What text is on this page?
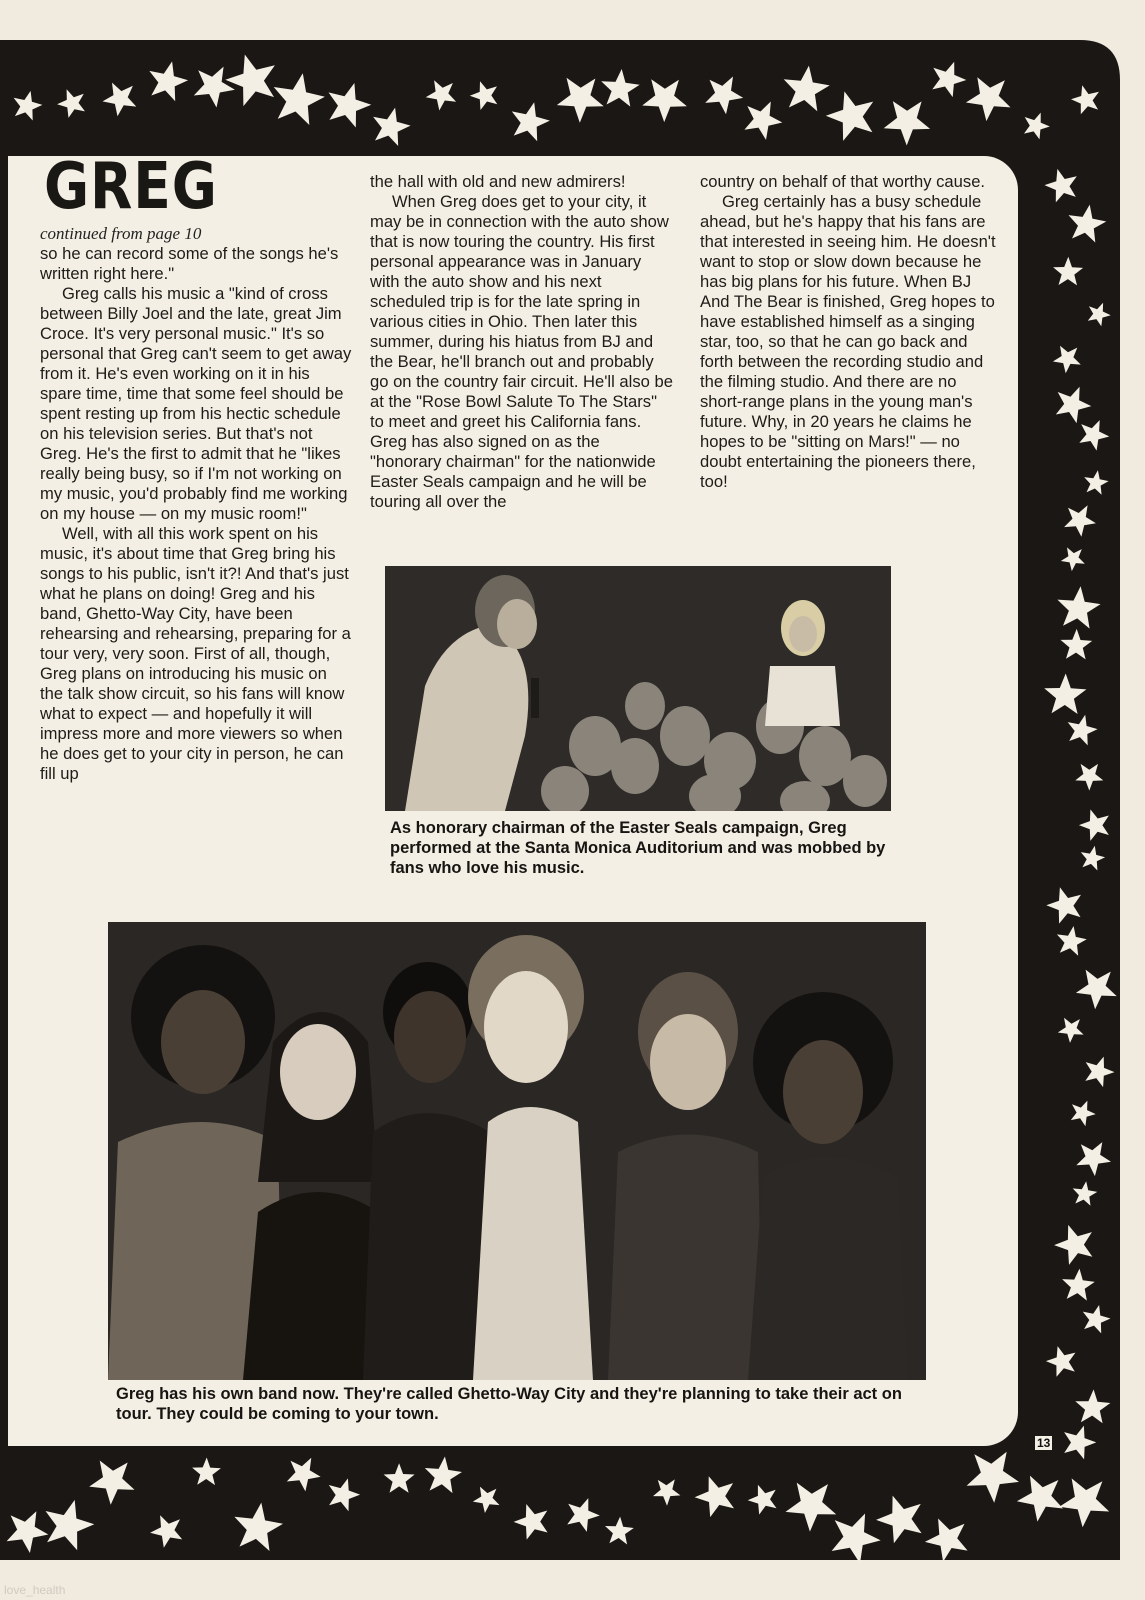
GREG
continued from page 10

so he can record some of the songs he's written right here."

Greg calls his music a "kind of cross between Billy Joel and the late, great Jim Croce. It's very personal music." It's so personal that Greg can't seem to get away from it. He's even working on it in his spare time, time that some feel should be spent resting up from his hectic schedule on his television series. But that's not Greg. He's the first to admit that he "likes really being busy, so if I'm not working on my music, you'd probably find me working on my house — on my music room!"

Well, with all this work spent on his music, it's about time that Greg bring his songs to his public, isn't it?! And that's just what he plans on doing! Greg and his band, Ghetto-Way City, have been rehearsing and rehearsing, preparing for a tour very, very soon. First of all, though, Greg plans on introducing his music on the talk show circuit, so his fans will know what to expect — and hopefully it will impress more and more viewers so when he does get to your city in person, he can fill up

the hall with old and new admirers!

When Greg does get to your city, it may be in connection with the auto show that is now touring the country. His first personal appearance was in January with the auto show and his next scheduled trip is for the late spring in various cities in Ohio. Then later this summer, during his hiatus from BJ and the Bear, he'll branch out and probably go on the country fair circuit. He'll also be at the "Rose Bowl Salute To The Stars" to meet and greet his California fans. Greg has also signed on as the "honorary chairman" for the nationwide Easter Seals campaign and he will be touring all over the

country on behalf of that worthy cause.

Greg certainly has a busy schedule ahead, but he's happy that his fans are that interested in seeing him. He doesn't want to stop or slow down because he has big plans for his future. When BJ And The Bear is finished, Greg hopes to have established himself as a singing star, too, so that he can go back and forth between the recording studio and the filming studio. And there are no short-range plans in the young man's future. Why, in 20 years he claims he hopes to be "sitting on Mars!" — no doubt entertaining the pioneers there, too!

As honorary chairman of the Easter Seals campaign, Greg performed at the Santa Monica Auditorium and was mobbed by fans who love his music.
Greg has his own band now. They're called Ghetto-Way City and they're planning to take their act on tour. They could be coming to your town.
13
love_health
